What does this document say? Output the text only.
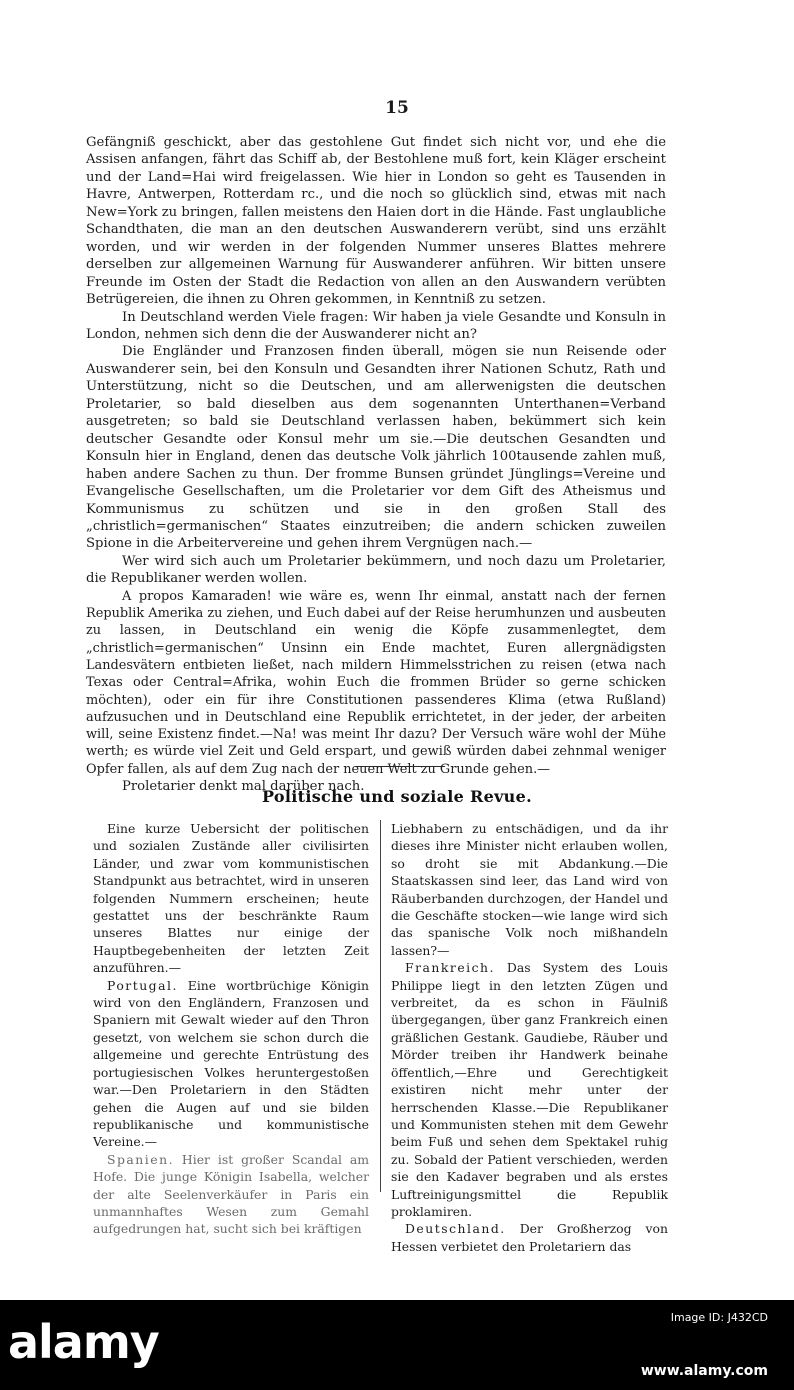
15

Gefängniß geschickt, aber das gestohlene Gut findet sich nicht vor, und ehe die Assisen anfangen, fährt das Schiff ab, der Bestohlene muß fort, kein Kläger erscheint und der Land=Hai wird freigelassen. Wie hier in London so geht es Tausenden in Havre, Antwerpen, Rotterdam rc., und die noch so glücklich sind, etwas mit nach New=York zu bringen, fallen meistens den Haien dort in die Hände. Fast unglaubliche Schandthaten, die man an den deutschen Auswanderern verübt, sind uns erzählt worden, und wir werden in der folgenden Nummer unseres Blattes mehrere derselben zur allgemeinen Warnung für Auswanderer anführen. Wir bitten unsere Freunde im Osten der Stadt die Redaction von allen an den Auswandern verübten Betrügereien, die ihnen zu Ohren gekommen, in Kenntniß zu setzen.

In Deutschland werden Viele fragen: Wir haben ja viele Gesandte und Konsuln in London, nehmen sich denn die der Auswanderer nicht an?

Die Engländer und Franzosen finden überall, mögen sie nun Reisende oder Auswanderer sein, bei den Konsuln und Gesandten ihrer Nationen Schutz, Rath und Unterstützung, nicht so die Deutschen, und am allerwenigsten die deutschen Proletarier, so bald dieselben aus dem sogenannten Unterthanen=Verband ausgetreten; so bald sie Deutschland verlassen haben, bekümmert sich kein deutscher Gesandte oder Konsul mehr um sie.—Die deutschen Gesandten und Konsuln hier in England, denen das deutsche Volk jährlich 100tausende zahlen muß, haben andere Sachen zu thun. Der fromme Bunsen gründet Jünglings=Vereine und Evangelische Gesellschaften, um die Proletarier vor dem Gift des Atheismus und Kommunismus zu schützen und sie in den großen Stall des „christlich=germanischen“ Staates einzutreiben; die andern schicken zuweilen Spione in die Arbeitervereine und gehen ihrem Vergnügen nach.—

Wer wird sich auch um Proletarier bekümmern, und noch dazu um Proletarier, die Republikaner werden wollen.

A propos Kamaraden! wie wäre es, wenn Ihr einmal, anstatt nach der fernen Republik Amerika zu ziehen, und Euch dabei auf der Reise herumhunzen und ausbeuten zu lassen, in Deutschland ein wenig die Köpfe zusammenlegtet, dem „christlich=germanischen“ Unsinn ein Ende machtet, Euren allergnädigsten Landesvätern entbieten ließet, nach mildern Himmelsstrichen zu reisen (etwa nach Texas oder Central=Afrika, wohin Euch die frommen Brüder so gerne schicken möchten), oder ein für ihre Constitutionen passenderes Klima (etwa Rußland) aufzusuchen und in Deutschland eine Republik errichtetet, in der jeder, der arbeiten will, seine Existenz findet.—Na! was meint Ihr dazu? Der Versuch wäre wohl der Mühe werth; es würde viel Zeit und Geld erspart, und gewiß würden dabei zehnmal weniger Opfer fallen, als auf dem Zug nach der neuen Welt zu Grunde gehen.—

Proletarier denkt mal darüber nach.

Politische und soziale Revue.

Eine kurze Uebersicht der politischen und sozialen Zustände aller civilisirten Länder, und zwar vom kommunistischen Standpunkt aus betrachtet, wird in unseren folgenden Nummern erscheinen; heute gestattet uns der beschränkte Raum unseres Blattes nur einige der Hauptbegebenheiten der letzten Zeit anzuführen.—

Portugal. Eine wortbrüchige Königin wird von den Engländern, Franzosen und Spaniern mit Gewalt wieder auf den Thron gesetzt, von welchem sie schon durch die allgemeine und gerechte Entrüstung des portugiesischen Volkes heruntergestoßen war.—Den Proletariern in den Städten gehen die Augen auf und sie bilden republikanische und kommunistische Vereine.—

Spanien. Hier ist großer Scandal am Hofe. Die junge Königin Isabella, welcher der alte Seelenverkäufer in Paris ein unmannhaftes Wesen zum Gemahl aufgedrungen hat, sucht sich bei kräftigen

Liebhabern zu entschädigen, und da ihr dieses ihre Minister nicht erlauben wollen, so droht sie mit Abdankung.—Die Staatskassen sind leer, das Land wird von Räuberbanden durchzogen, der Handel und die Geschäfte stocken—wie lange wird sich das spanische Volk noch mißhandeln lassen?—

Frankreich. Das System des Louis Philippe liegt in den letzten Zügen und verbreitet, da es schon in Fäulniß übergegangen, über ganz Frankreich einen gräßlichen Gestank. Gaudiebe, Räuber und Mörder treiben ihr Handwerk beinahe öffentlich,—Ehre und Gerechtigkeit existiren nicht mehr unter der herrschenden Klasse.—Die Republikaner und Kommunisten stehen mit dem Gewehr beim Fuß und sehen dem Spektakel ruhig zu. Sobald der Patient verschieden, werden sie den Kadaver begraben und als erstes Luftreinigungsmittel die Republik proklamiren.

Deutschland. Der Großherzog von Hessen verbietet den Proletariern das

alamy	Image ID: J432CD
www.alamy.com
